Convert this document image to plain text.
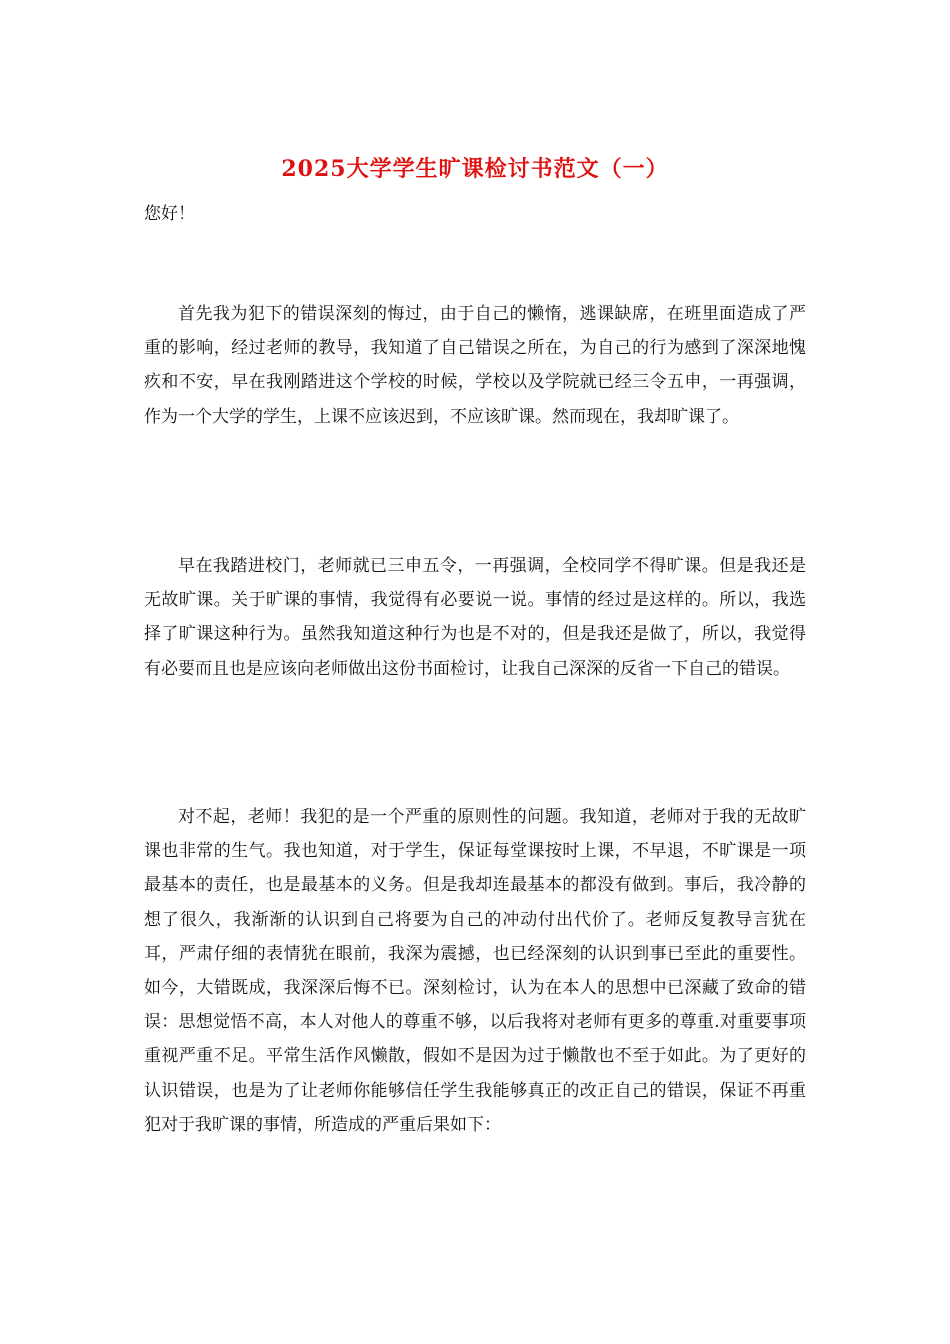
2025大学学生旷课检讨书范文（一）
您好！

首先我为犯下的错误深刻的悔过，由于自己的懒惰，逃课缺席，在班里面造成了严重的影响，经过老师的教导，我知道了自己错误之所在，为自己的行为感到了深深地愧疚和不安，早在我刚踏进这个学校的时候，学校以及学院就已经三令五申，一再强调，作为一个大学的学生，上课不应该迟到，不应该旷课。然而现在，我却旷课了。

早在我踏进校门，老师就已三申五令，一再强调，全校同学不得旷课。但是我还是无故旷课。关于旷课的事情，我觉得有必要说一说。事情的经过是这样的。所以，我选择了旷课这种行为。虽然我知道这种行为也是不对的，但是我还是做了，所以，我觉得有必要而且也是应该向老师做出这份书面检讨，让我自己深深的反省一下自己的错误。

对不起，老师！我犯的是一个严重的原则性的问题。我知道，老师对于我的无故旷课也非常的生气。我也知道，对于学生，保证每堂课按时上课，不早退，不旷课是一项最基本的责任，也是最基本的义务。但是我却连最基本的都没有做到。事后，我冷静的想了很久，我渐渐的认识到自己将要为自己的冲动付出代价了。老师反复教导言犹在耳，严肃仔细的表情犹在眼前，我深为震撼，也已经深刻的认识到事已至此的重要性。如今，大错既成，我深深后悔不已。深刻检讨，认为在本人的思想中已深藏了致命的错误：思想觉悟不高，本人对他人的尊重不够，以后我将对老师有更多的尊重.对重要事项重视严重不足。平常生活作风懒散，假如不是因为过于懒散也不至于如此。为了更好的认识错误，也是为了让老师你能够信任学生我能够真正的改正自己的错误，保证不再重犯对于我旷课的事情，所造成的严重后果如下：
